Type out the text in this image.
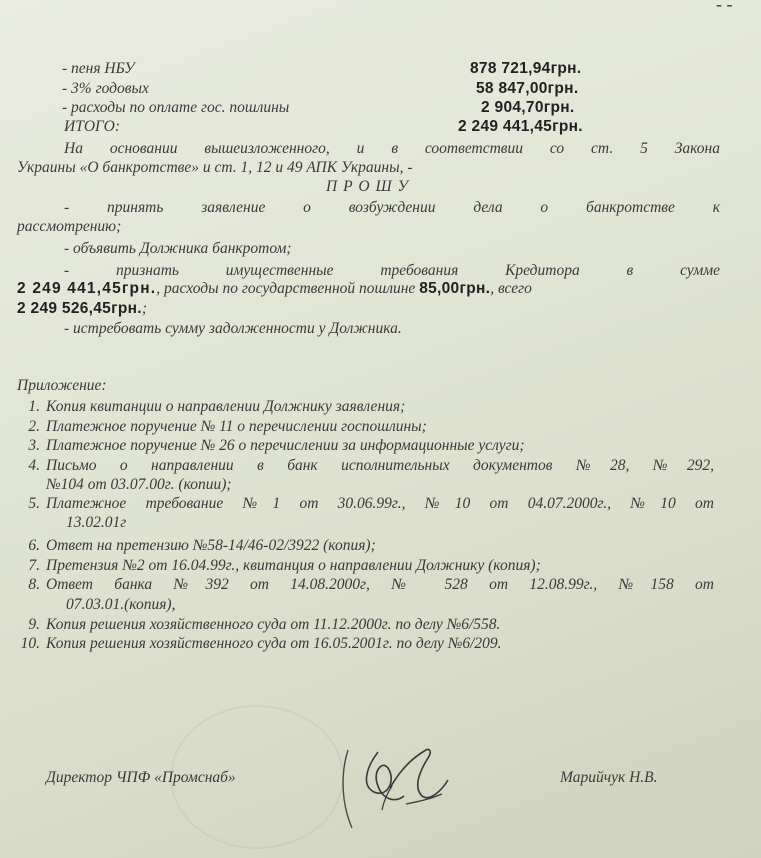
- -
- пеня НБУ	878 721,94грн.
- 3% годовых	58 847,00грн.
- расходы по оплате гос. пошлины	2 904,70грн.
ИТОГО:	2 249 441,45грн.
На основании вышеизложенного, и в соответствии со ст. 5 Закона
Украины «О банкротстве» и ст. 1, 12 и 49 АПК Украины, -
П Р О Ш У
- принять заявление о возбуждении дела о банкротстве к
рассмотрению;
- объявить Должника банкротом;
- признать имущественные требования Кредитора в сумме
2 249 441,45грн., расходы по государственной пошлине 85,00грн., всего
2 249 526,45грн.;
- истребовать сумму задолженности у Должника.
Приложение:
1. Копия квитанции о направлении Должнику заявления;
2. Платежное поручение № 11 о перечислении госпошлины;
3. Платежное поручение № 26 о перечислении за информационные услуги;
4. Письмо о направлении в банк исполнительных документов №28, №292,
№104 от 03.07.00г. (копии);
5. Платежное требование №1 от 30.06.99г., №10 от 04.07.2000г., №10 от
13.02.01г
6. Ответ на претензию №58-14/46-02/3922 (копия);
7. Претензия №2 от 16.04.99г., квитанция о направлении Должнику (копия);
8. Ответ банка №392 от 14.08.2000г, № 528 от 12.08.99г., №158 от
07.03.01.(копия),
9. Копия решения хозяйственного суда от 11.12.2000г. по делу №6/558.
10. Копия решения хозяйственного суда от 16.05.2001г. по делу №6/209.
Директор ЧПФ «Промснаб»	Марийчук Н.В.
